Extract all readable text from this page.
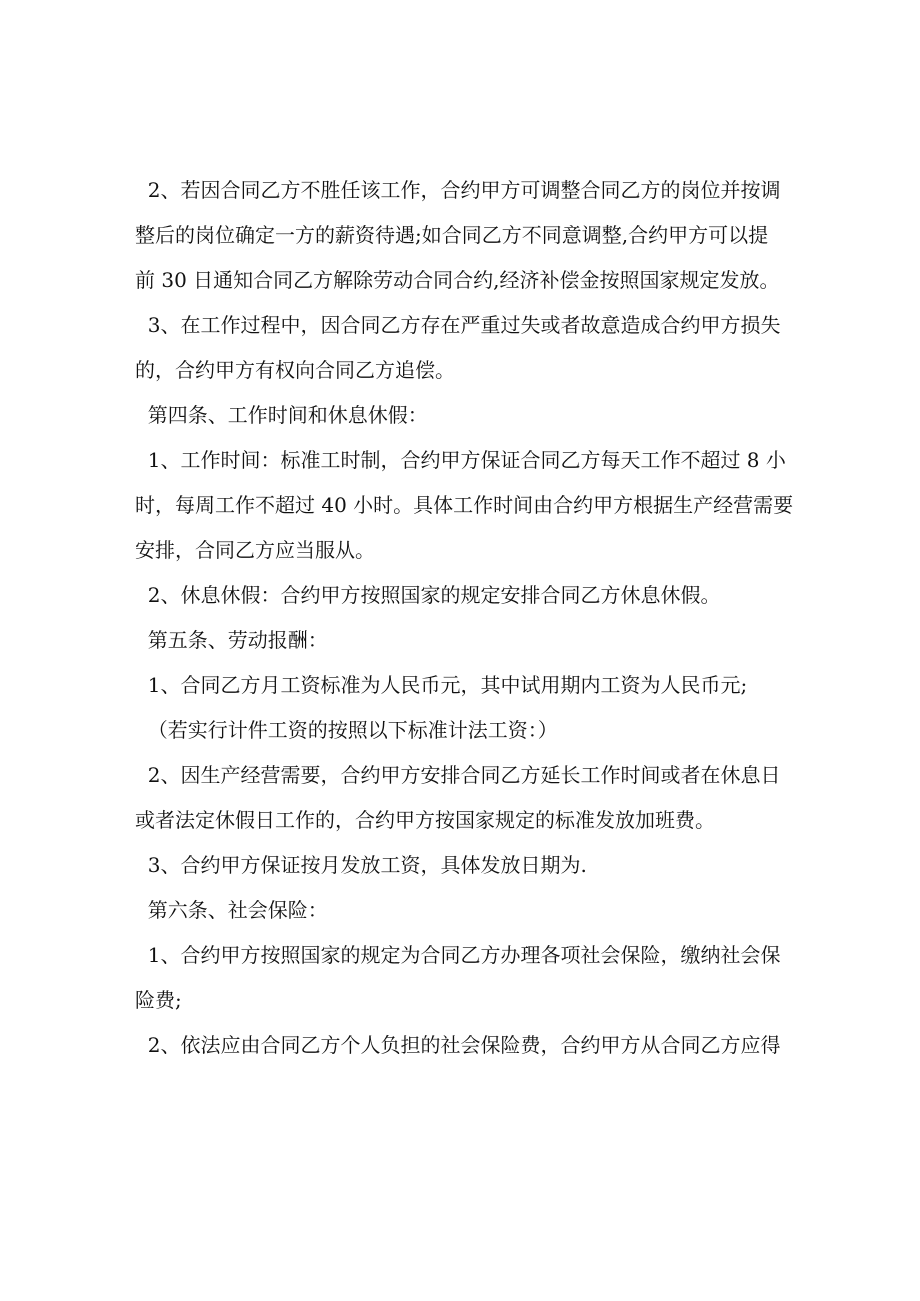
2、若因合同乙方不胜任该工作，合约甲方可调整合同乙方的岗位并按调

整后的岗位确定一方的薪资待遇;如合同乙方不同意调整,合约甲方可以提

前 30 日通知合同乙方解除劳动合同合约,经济补偿金按照国家规定发放。

3、在工作过程中，因合同乙方存在严重过失或者故意造成合约甲方损失

的，合约甲方有权向合同乙方追偿。

第四条、工作时间和休息休假：

1、工作时间：标准工时制，合约甲方保证合同乙方每天工作不超过 8 小

时，每周工作不超过 40 小时。具体工作时间由合约甲方根据生产经营需要

安排，合同乙方应当服从。

2、休息休假：合约甲方按照国家的规定安排合同乙方休息休假。

第五条、劳动报酬：

1、合同乙方月工资标准为人民币元，其中试用期内工资为人民币元;

（若实行计件工资的按照以下标准计法工资：）

2、因生产经营需要，合约甲方安排合同乙方延长工作时间或者在休息日

或者法定休假日工作的，合约甲方按国家规定的标准发放加班费。

3、合约甲方保证按月发放工资，具体发放日期为.

第六条、社会保险：

1、合约甲方按照国家的规定为合同乙方办理各项社会保险，缴纳社会保

险费;

2、依法应由合同乙方个人负担的社会保险费，合约甲方从合同乙方应得
